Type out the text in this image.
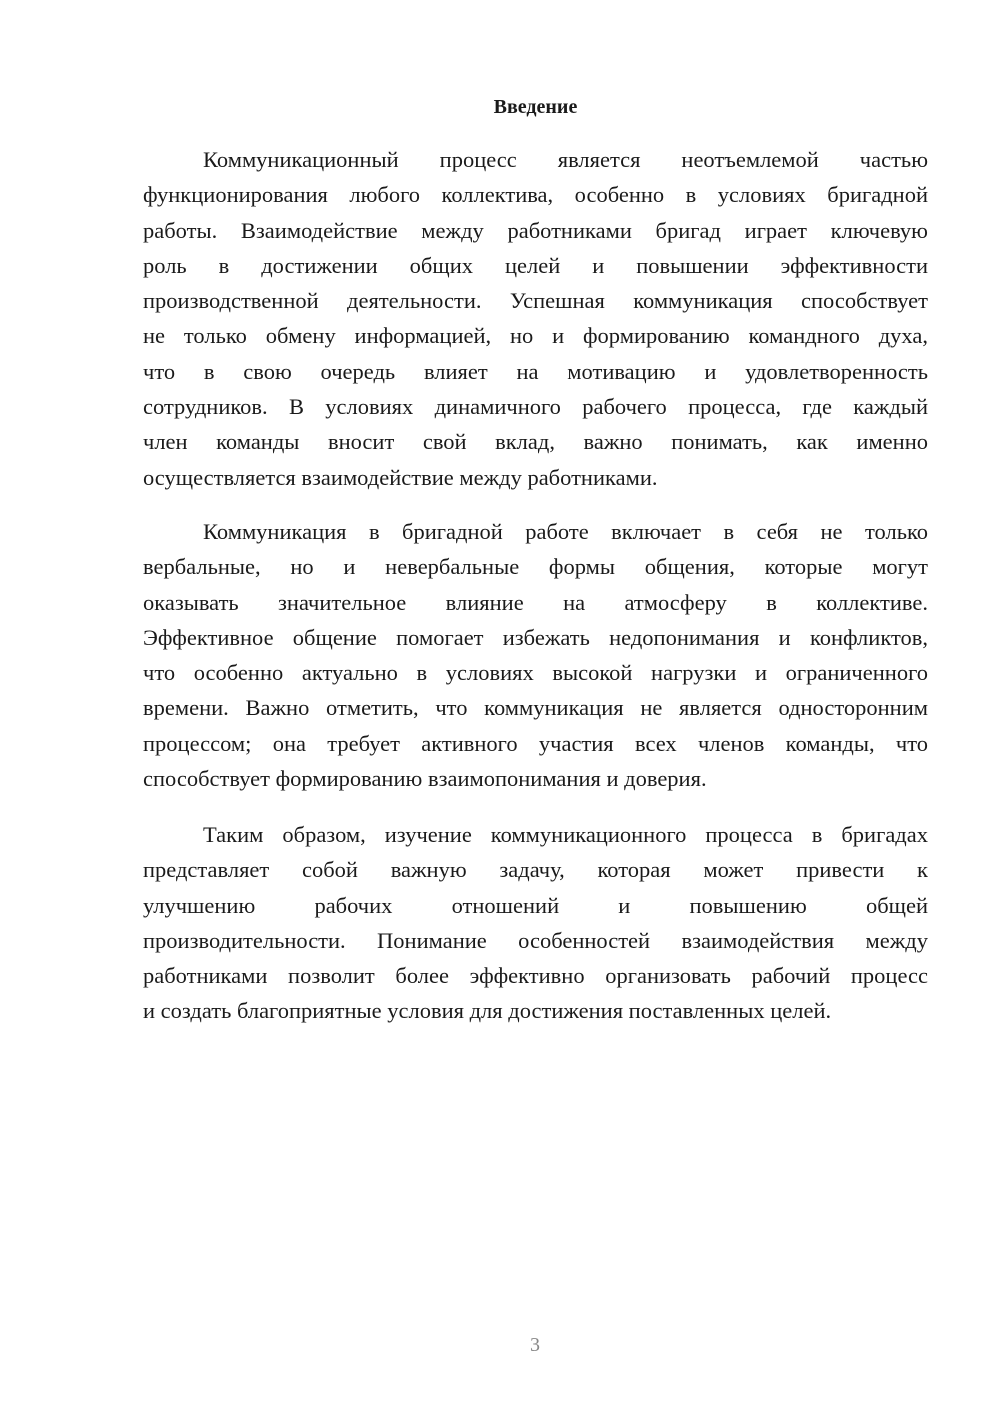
Введение
Коммуникационный процесс является неотъемлемой частью
функционирования любого коллектива, особенно в условиях бригадной
работы. Взаимодействие между работниками бригад играет ключевую
роль в достижении общих целей и повышении эффективности
производственной деятельности. Успешная коммуникация способствует
не только обмену информацией, но и формированию командного духа,
что в свою очередь влияет на мотивацию и удовлетворенность
сотрудников. В условиях динамичного рабочего процесса, где каждый
член команды вносит свой вклад, важно понимать, как именно
осуществляется взаимодействие между работниками.
Коммуникация в бригадной работе включает в себя не только
вербальные, но и невербальные формы общения, которые могут
оказывать значительное влияние на атмосферу в коллективе.
Эффективное общение помогает избежать недопонимания и конфликтов,
что особенно актуально в условиях высокой нагрузки и ограниченного
времени. Важно отметить, что коммуникация не является односторонним
процессом; она требует активного участия всех членов команды, что
способствует формированию взаимопонимания и доверия.
Таким образом, изучение коммуникационного процесса в бригадах
представляет собой важную задачу, которая может привести к
улучшению рабочих отношений и повышению общей
производительности. Понимание особенностей взаимодействия между
работниками позволит более эффективно организовать рабочий процесс
и создать благоприятные условия для достижения поставленных целей.
3
